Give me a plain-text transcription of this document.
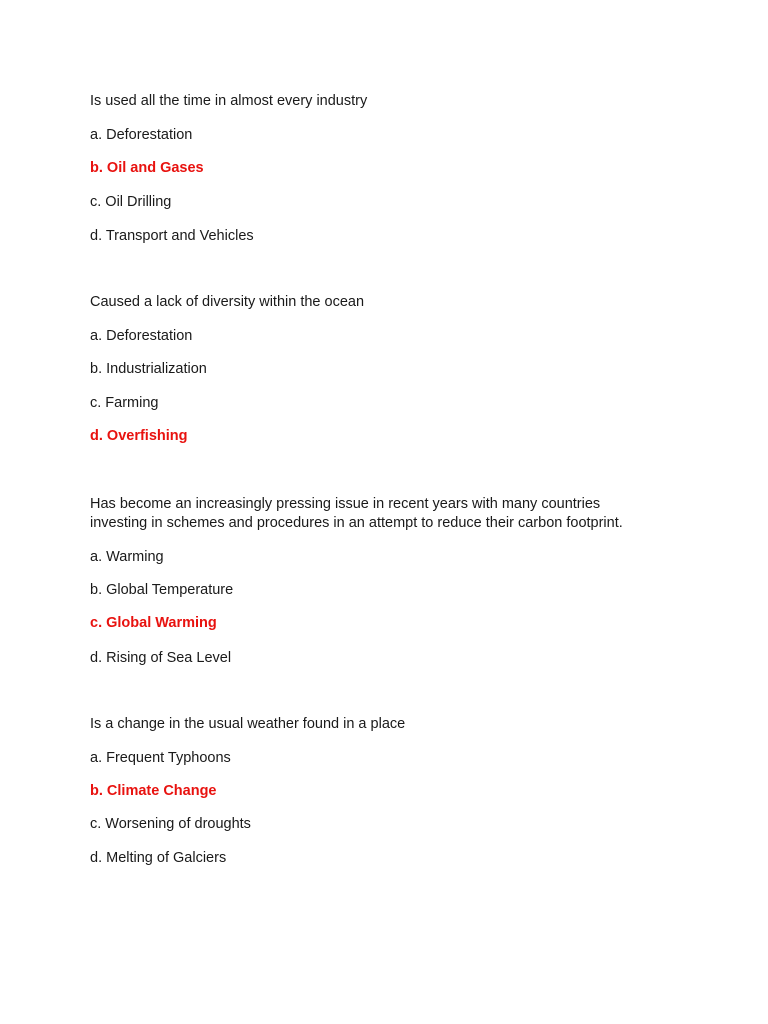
Is used all the time in almost every industry
a. Deforestation
b. Oil and Gases
c. Oil Drilling
d. Transport and Vehicles
Caused a lack of diversity within the ocean
a. Deforestation
b. Industrialization
c. Farming
d. Overfishing
Has become an increasingly pressing issue in recent years with many countries
investing in schemes and procedures in an attempt to reduce their carbon footprint.
a. Warming
b. Global Temperature
c. Global Warming
d. Rising of Sea Level
Is a change in the usual weather found in a place
a. Frequent Typhoons
b. Climate Change
c. Worsening of droughts
d. Melting of Galciers
